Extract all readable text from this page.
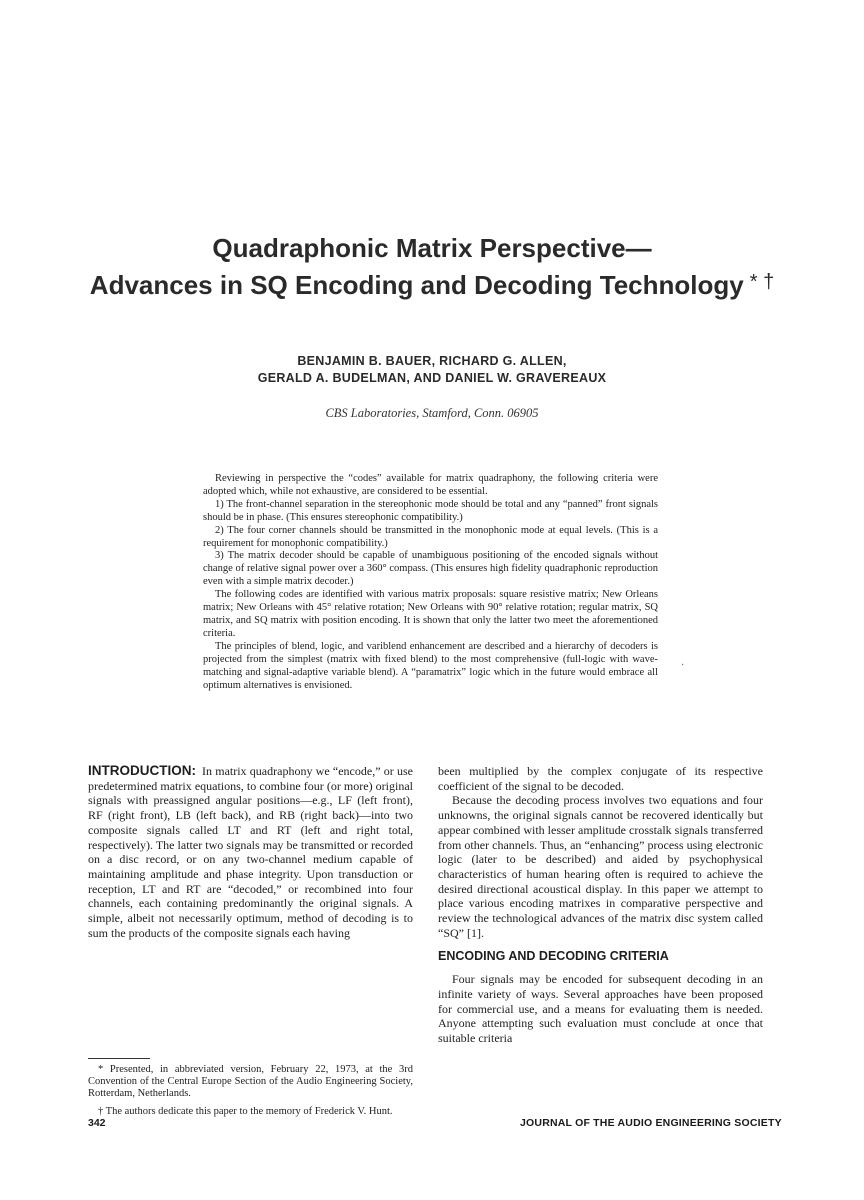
Quadraphonic Matrix Perspective—
Advances in SQ Encoding and Decoding Technology * †
BENJAMIN B. BAUER, RICHARD G. ALLEN,
GERALD A. BUDELMAN, AND DANIEL W. GRAVEREAUX
CBS Laboratories, Stamford, Conn. 06905

Reviewing in perspective the “codes” available for matrix quadraphony, the following criteria were adopted which, while not exhaustive, are considered to be essential.

1) The front-channel separation in the stereophonic mode should be total and any “panned” front signals should be in phase. (This ensures stereophonic compatibility.)

2) The four corner channels should be transmitted in the monophonic mode at equal levels. (This is a requirement for monophonic compatibility.)

3) The matrix decoder should be capable of unambiguous positioning of the encoded signals without change of relative signal power over a 360° compass. (This ensures high fidelity quadraphonic reproduction even with a simple matrix decoder.)

The following codes are identified with various matrix proposals: square resistive matrix; New Orleans matrix; New Orleans with 45° relative rotation; New Orleans with 90° relative rotation; regular matrix, SQ matrix, and SQ matrix with position encoding. It is shown that only the latter two meet the aforementioned criteria.

The principles of blend, logic, and variblend enhancement are described and a hierarchy of decoders is projected from the simplest (matrix with fixed blend) to the most comprehensive (full-logic with wave-matching and signal-adaptive variable blend). A “paramatrix” logic which in the future would embrace all optimum alternatives is envisioned.

·

INTRODUCTION: In matrix quadraphony we “encode,” or use predetermined matrix equations, to combine four (or more) original signals with preassigned angular positions—e.g., LF (left front), RF (right front), LB (left back), and RB (right back)—into two composite signals called LT and RT (left and right total, respectively). The latter two signals may be transmitted or recorded on a disc record, or on any two-channel medium capable of maintaining amplitude and phase integrity. Upon transduction or reception, LT and RT are “decoded,” or recombined into four channels, each containing predominantly the original signals. A simple, albeit not necessarily optimum, method of decoding is to sum the products of the composite signals each having

been multiplied by the complex conjugate of its respective coefficient of the signal to be decoded.

Because the decoding process involves two equations and four unknowns, the original signals cannot be recovered identically but appear combined with lesser amplitude crosstalk signals transferred from other channels. Thus, an “enhancing” process using electronic logic (later to be described) and aided by psychophysical characteristics of human hearing often is required to achieve the desired directional acoustical display. In this paper we attempt to place various encoding matrixes in comparative perspective and review the technological advances of the matrix disc system called “SQ” [1].

ENCODING AND DECODING CRITERIA

Four signals may be encoded for subsequent decoding in an infinite variety of ways. Several approaches have been proposed for commercial use, and a means for evaluating them is needed. Anyone attempting such evaluation must conclude at once that suitable criteria

* Presented, in abbreviated version, February 22, 1973, at the 3rd Convention of the Central Europe Section of the Audio Engineering Society, Rotterdam, Netherlands.

† The authors dedicate this paper to the memory of Frederick V. Hunt.

342	JOURNAL OF THE AUDIO ENGINEERING SOCIETY
